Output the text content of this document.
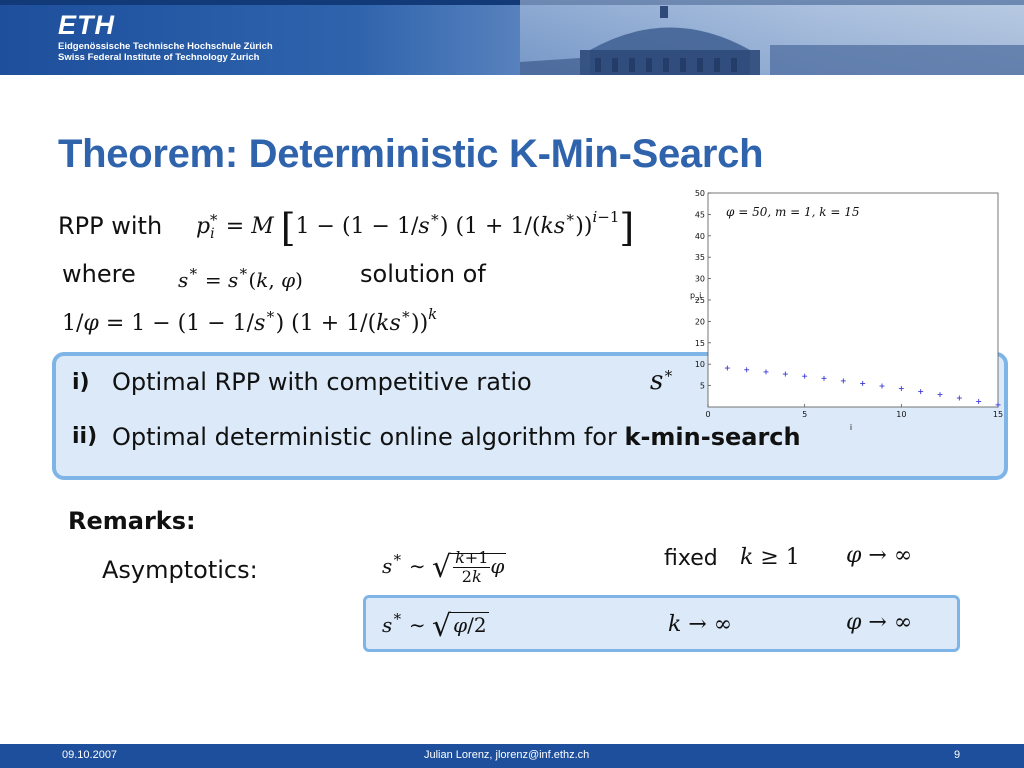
ETH
Eidgenössische Technische Hochschule Zürich
Swiss Federal Institute of Technology Zurich
Theorem: Deterministic K-Min-Search
RPP with $p_i^∗ = M$ [1 − (1 − 1/s∗) $(1 + 1/(ks^∗))^{i-1}$]
where s∗ = s∗(k, φ) solution of
1/φ = 1 − (1 − 1/s∗) $(1 + 1/(ks^∗))^k$
i) Optimal RPP with competitive ratio	s∗
ii) Optimal deterministic online algorithm for k-min-search
0	5	10	15
5
10
15
20
25
30
35
40
45
50
φ = 50, m = 1, k = 15
p_i
i
Remarks:
Asymptotics:	s∗ ∼ √ $\frac{k+1}{2k}$ φ	fixed k ≥ 1 φ → ∞
s∗ ∼ √ φ/2	k → ∞	φ → ∞
09.10.2007	Julian Lorenz, jlorenz@inf.ethz.ch	9
